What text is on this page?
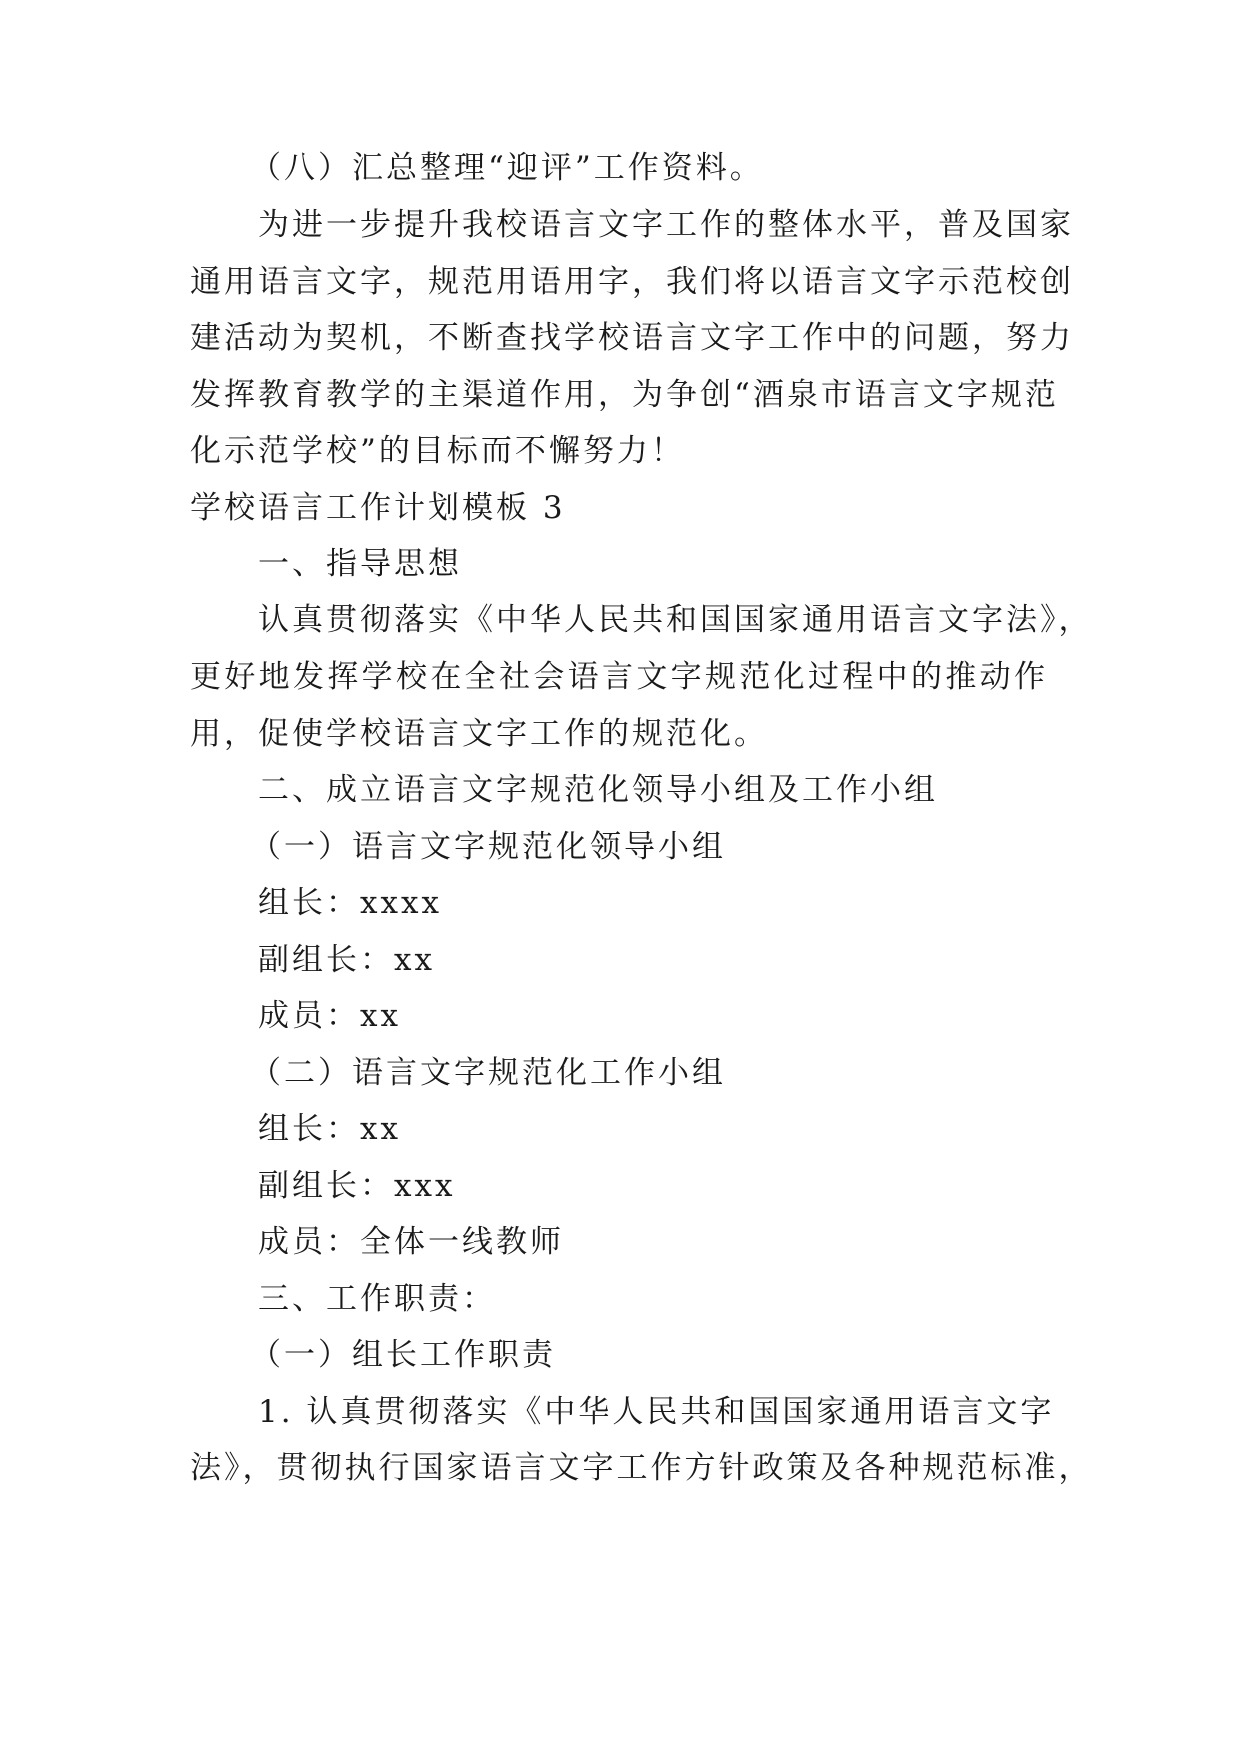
（八）汇总整理“迎评”工作资料。
为进一步提升我校语言文字工作的整体水平，普及国家
通用语言文字，规范用语用字，我们将以语言文字示范校创
建活动为契机，不断查找学校语言文字工作中的问题，努力
发挥教育教学的主渠道作用，为争创“酒泉市语言文字规范
化示范学校”的目标而不懈努力！
学校语言工作计划模板 3
一、指导思想
认真贯彻落实《中华人民共和国国家通用语言文字法》，
更好地发挥学校在全社会语言文字规范化过程中的推动作
用，促使学校语言文字工作的规范化。
二、成立语言文字规范化领导小组及工作小组
（一）语言文字规范化领导小组
组长：xxxx
副组长：xx
成员：xx
（二）语言文字规范化工作小组
组长：xx
副组长：xxx
成员：全体一线教师
三、工作职责：
（一）组长工作职责
1. 认真贯彻落实《中华人民共和国国家通用语言文字
法》，贯彻执行国家语言文字工作方针政策及各种规范标准，
